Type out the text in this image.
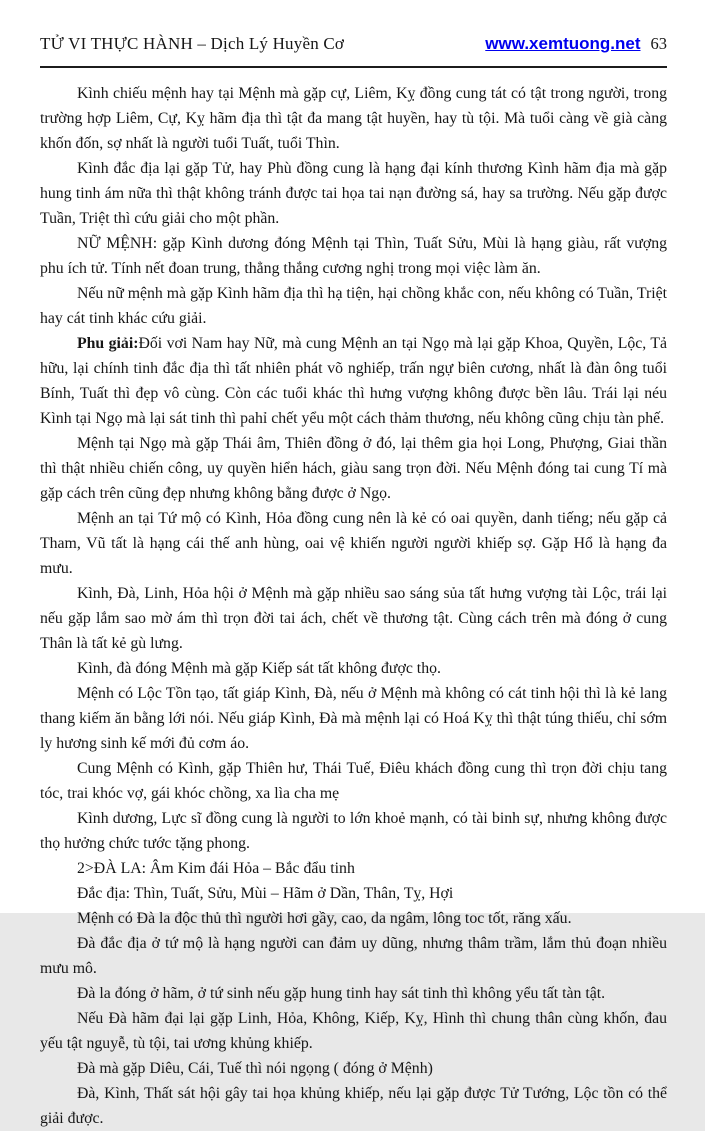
TỬ VI THỰC HÀNH – Dịch Lý Huyền Cơ	www.xemtuong.net 63

Kình chiếu mệnh hay tại Mệnh mà gặp cự, Liêm, Kỵ đồng cung tát có tật trong người, trong trường hợp Liêm, Cự, Kỵ hãm địa thì tật đa mang tật huyền, hay tù tội. Mà tuổi càng về già càng khốn đốn, sợ nhất là người tuổi Tuất, tuổi Thìn.

Kình đắc địa lại gặp Tử, hay Phù đồng cung là hạng đại kính thương Kình hãm địa mà gặp hung tinh ám nữa thì thật không tránh được tai họa tai nạn đường sá, hay sa trường. Nếu gặp được Tuần, Triệt thì cứu giải cho một phần.

NỮ MỆNH: gặp Kình dương đóng Mệnh tại Thìn, Tuất Sửu, Mùi là hạng giàu, rất vượng phu ích tử. Tính nết đoan trung, thẳng thắng cương nghị trong mọi việc làm ăn.

Nếu nữ mệnh mà gặp Kình hãm địa thì hạ tiện, hại chồng khắc con, nếu không có Tuần, Triệt hay cát tinh khác cứu giải.

Phu giải:Đối vơi Nam hay Nữ, mà cung Mệnh an tại Ngọ mà lại gặp Khoa, Quyền, Lộc, Tả hữu, lại chính tinh đắc địa thì tất nhiên phát võ nghiếp, trấn ngự biên cương, nhất là đàn ông tuổi Bính, Tuất thì đẹp vô cùng. Còn các tuổi khác thì hưng vượng không được bền lâu. Trái lại néu Kình tại Ngọ mà lại sát tinh thì pahỉ chết yểu một cách thảm thương, nếu không cũng chịu tàn phế.

Mệnh tại Ngọ mà gặp Thái âm, Thiên đồng ở đó, lại thêm gia họi Long, Phượng, Giai thần thì thật nhiều chiến công, uy quyền hiển hách, giàu sang trọn đời. Nếu Mệnh đóng tai cung Tí mà gặp cách trên cũng đẹp nhưng không bằng được ở Ngọ.

Mệnh an tại Tứ mộ có Kình, Hỏa đồng cung nên là kẻ có oai quyền, danh tiếng; nếu gặp cả Tham, Vũ tất là hạng cái thế anh hùng, oai vệ khiến người người khiếp sợ. Gặp Hổ là hạng đa mưu.

Kình, Đà, Linh, Hỏa hội ở Mệnh mà gặp nhiều sao sáng sủa tất hưng vượng tài Lộc, trái lại nếu gặp lắm sao mờ ám thì trọn đời tai ách, chết về thương tật. Cùng cách trên mà đóng ở cung Thân là tất kẻ gù lưng.

Kình, đà đóng Mệnh mà gặp Kiếp sát tất không được thọ.

Mệnh có Lộc Tồn tạo, tất giáp Kình, Đà, nếu ở Mệnh mà không có cát tinh hội thì là kẻ lang thang kiếm ăn bằng lới nói. Nếu giáp Kình, Đà mà mệnh lại có Hoá Kỵ thì thật túng thiếu, chỉ sớm ly hương sinh kế mới đủ cơm áo.

Cung Mệnh có Kình, gặp Thiên hư, Thái Tuế, Điêu khách đồng cung thì trọn đời chịu tang tóc, trai khóc vợ, gái khóc chồng, xa lìa cha mẹ

Kình dương, Lực sĩ đồng cung là người to lớn khoẻ mạnh, có tài binh sự, nhưng không được thọ hưởng chức tước tặng phong.

2>ĐÀ LA: Âm Kim đái Hỏa – Bắc đẩu tinh

Đắc địa: Thìn, Tuất, Sửu, Mùi – Hãm ở Dần, Thân, Tỵ, Hợi

Mệnh có Đà la độc thủ thì người hơi gầy, cao, da ngâm, lông toc tốt, răng xấu.

Đà đắc địa ở tứ mộ là hạng người can đảm uy dũng, nhưng thâm trầm, lắm thủ đoạn nhiều mưu mô.

Đà la đóng ở hãm, ở tứ sinh nếu gặp hung tinh hay sát tinh thì không yểu tất tàn tật.

Nếu Đà hãm đại lại gặp Linh, Hỏa, Không, Kiếp, Kỵ, Hình thì chung thân cùng khốn, đau yếu tật nguyễ, tù tội, tai ương khủng khiếp.

Đà mà gặp Diêu, Cái, Tuế thì nói ngọng ( đóng ở Mệnh)

Đà, Kình, Thất sát hội gây tai họa khủng khiếp, nếu lại gặp được Tử Tướng, Lộc tồn có thể giải được.
